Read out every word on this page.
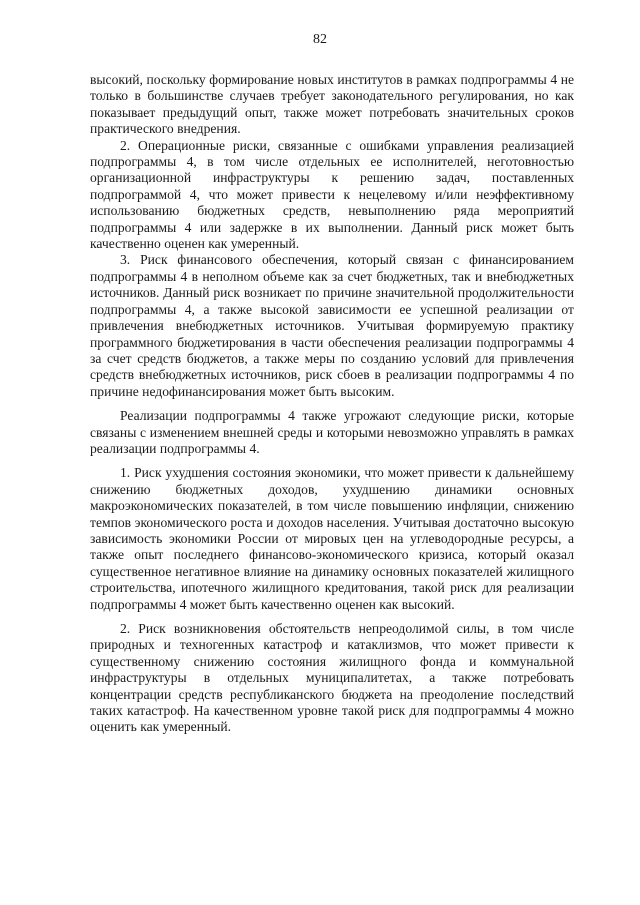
82

высокий, поскольку формирование новых институтов в рамках подпрограммы 4 не только в большинстве случаев требует законодательного регулирования, но как показывает предыдущий опыт, также может потребовать значительных сроков практического внедрения.

2. Операционные риски, связанные с ошибками управления реализацией подпрограммы 4, в том числе отдельных ее исполнителей, неготовностью организационной инфраструктуры к решению задач, поставленных подпрограммой 4, что может привести к нецелевому и/или неэффективному использованию бюджетных средств, невыполнению ряда мероприятий подпрограммы 4 или задержке в их выполнении. Данный риск может быть качественно оценен как умеренный.

3. Риск финансового обеспечения, который связан с финансированием подпрограммы 4 в неполном объеме как за счет бюджетных, так и внебюджетных источников. Данный риск возникает по причине значительной продолжительности подпрограммы 4, а также высокой зависимости ее успешной реализации от привлечения внебюджетных источников. Учитывая формируемую практику программного бюджетирования в части обеспечения реализации подпрограммы 4 за счет средств бюджетов, а также меры по созданию условий для привлечения средств внебюджетных источников, риск сбоев в реализации подпрограммы 4 по причине недофинансирования может быть высоким.

Реализации подпрограммы 4 также угрожают следующие риски, которые связаны с изменением внешней среды и которыми невозможно управлять в рамках реализации подпрограммы 4.

1. Риск ухудшения состояния экономики, что может привести к дальнейшему снижению бюджетных доходов, ухудшению динамики основных макроэкономических показателей, в том числе повышению инфляции, снижению темпов экономического роста и доходов населения. Учитывая достаточно высокую зависимость экономики России от мировых цен на углеводородные ресурсы, а также опыт последнего финансово-экономического кризиса, который оказал существенное негативное влияние на динамику основных показателей жилищного строительства, ипотечного жилищного кредитования, такой риск для реализации подпрограммы 4 может быть качественно оценен как высокий.

2. Риск возникновения обстоятельств непреодолимой силы, в том числе природных и техногенных катастроф и катаклизмов, что может привести к существенному снижению состояния жилищного фонда и коммунальной инфраструктуры в отдельных муниципалитетах, а также потребовать концентрации средств республиканского бюджета на преодоление последствий таких катастроф. На качественном уровне такой риск для подпрограммы 4 можно оценить как умеренный.
